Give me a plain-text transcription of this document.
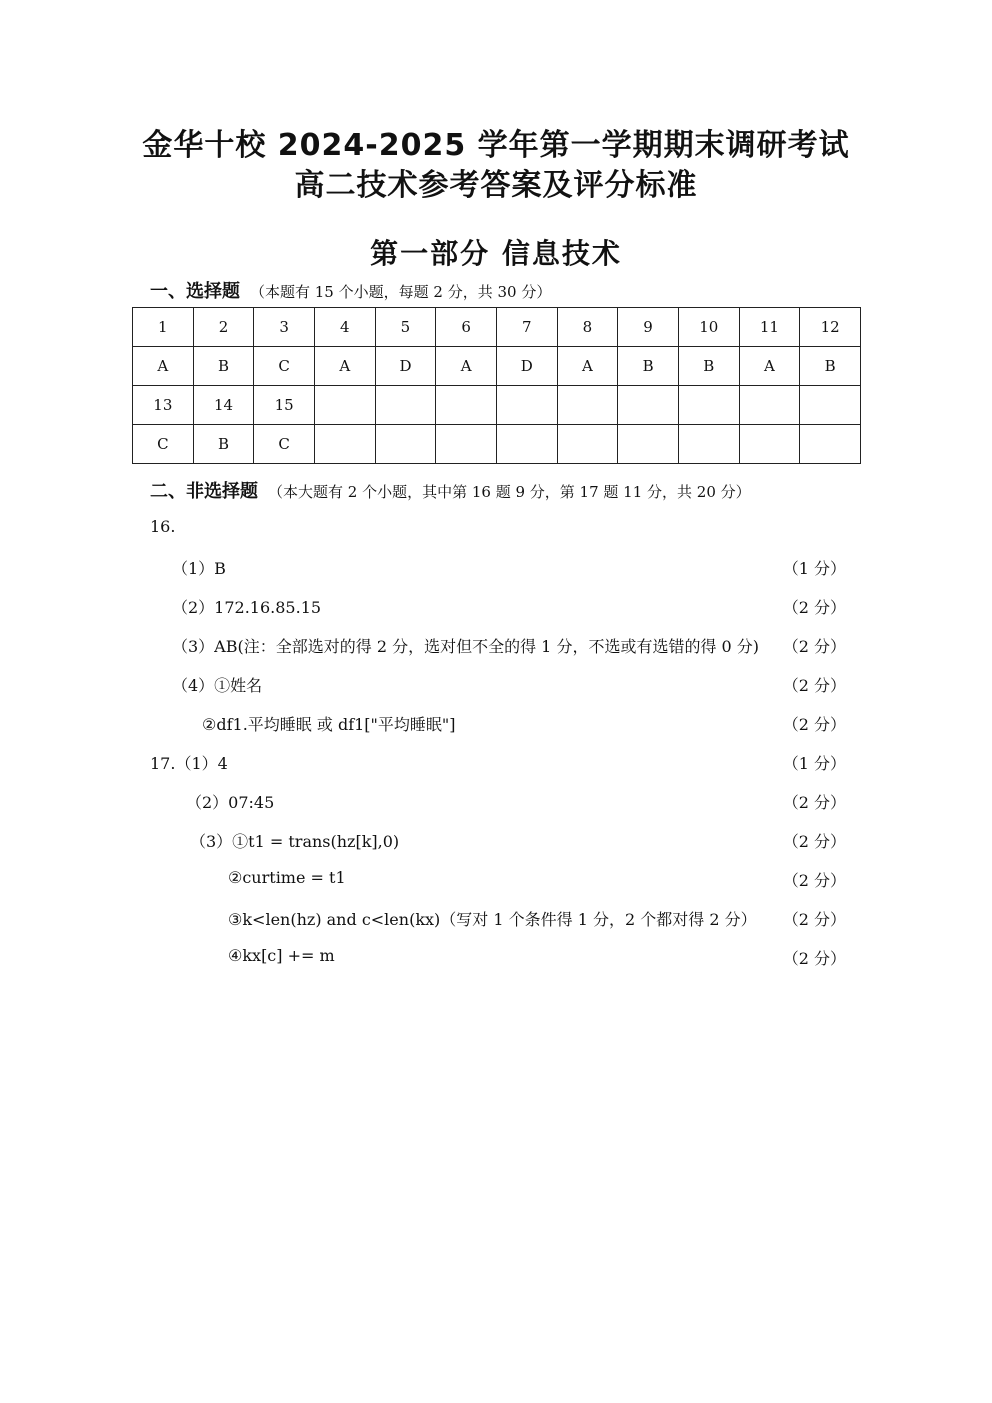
金华十校 2024-2025 学年第一学期期末调研考试
高二技术参考答案及评分标准
第一部分 信息技术
一、选择题 （本题有 15 个小题，每题 2 分，共 30 分）
1	2	3	4	5	6	7	8	9	10	11	12
A	B	C	A	D	A	D	A	B	B	A	B
13	14	15									
C	B	C									
二、非选择题 （本大题有 2 个小题，其中第 16 题 9 分，第 17 题 11 分，共 20 分）
16.
（1）B	（1 分）
（2）172.16.85.15	（2 分）
（3）AB(注：全部选对的得 2 分，选对但不全的得 1 分，不选或有选错的得 0 分) （2 分）
（4）①姓名	（2 分）
②df1.平均睡眠 或 df1["平均睡眠"]	（2 分）
17.（1）4	（1 分）
（2）07:45	（2 分）
（3）①t1 = trans(hz[k],0)	（2 分）
②curtime = t1	（2 分）
③k<len(hz) and c<len(kx)（写对 1 个条件得 1 分，2 个都对得 2 分） （2 分）
④kx[c] += m	（2 分）
